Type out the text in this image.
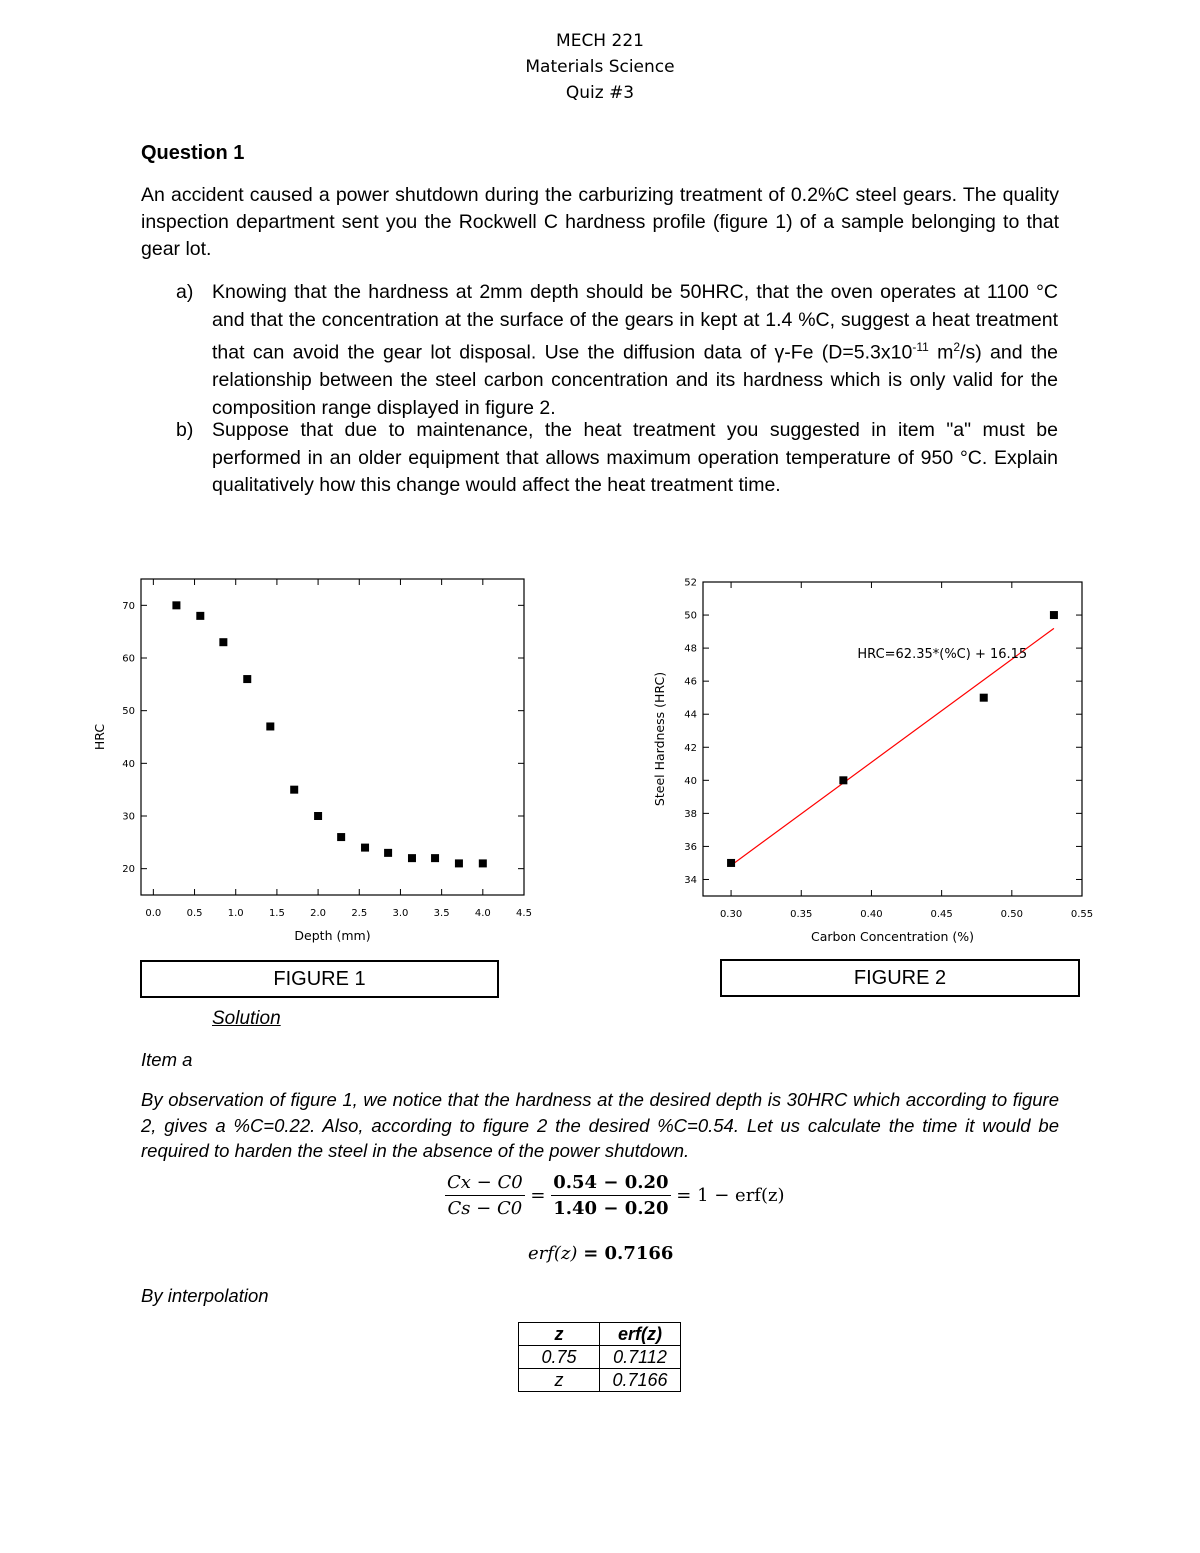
MECH 221
Materials Science
Quiz #3
Question 1
An accident caused a power shutdown during the carburizing treatment of 0.2%C steel gears. The quality inspection department sent you the Rockwell C hardness profile (figure 1) of a sample belonging to that gear lot.
a) Knowing that the hardness at 2mm depth should be 50HRC, that the oven operates at 1100 °C and that the concentration at the surface of the gears in kept at 1.4 %C, suggest a heat treatment that can avoid the gear lot disposal. Use the diffusion data of γ-Fe ($D=5.3x10^{-11}$ $m^2/s$) and the relationship between the steel carbon concentration and its hardness which is only valid for the composition range displayed in figure 2.
b) Suppose that due to maintenance, the heat treatment you suggested in item "a" must be performed in an older equipment that allows maximum operation temperature of 950 °C. Explain qualitatively how this change would affect the heat treatment time.
0.0	0.5	1.0	1.5	2.0	2.5	3.0	3.5	4.0	4.5
20
30
40
50
60
70
Depth (mm)
HRC
0.30	0.35	0.40	0.45	0.50	0.55
34
36
38
40
42
44
46
48
50
52
Carbon Concentration (%)
Steel Hardness (HRC)
HRC=62.35*(%C) + 16.15
FIGURE 1	FIGURE 2
Solution
Item a
By observation of figure 1, we notice that the hardness at the desired depth is 30HRC which according to figure 2, gives a %C=0.22. Also, according to figure 2 the desired %C=0.54. Let us calculate the time it would be required to harden the steel in the absence of the power shutdown.
$\frac{Cx - C0}{Cs - C0} = \frac{0.54 - 0.20}{1.40 - 0.20} = 1 - erf(z)$
erf(z) = 0.7166
By interpolation
z	erf(z)
0.75	0.7112
z	0.7166
